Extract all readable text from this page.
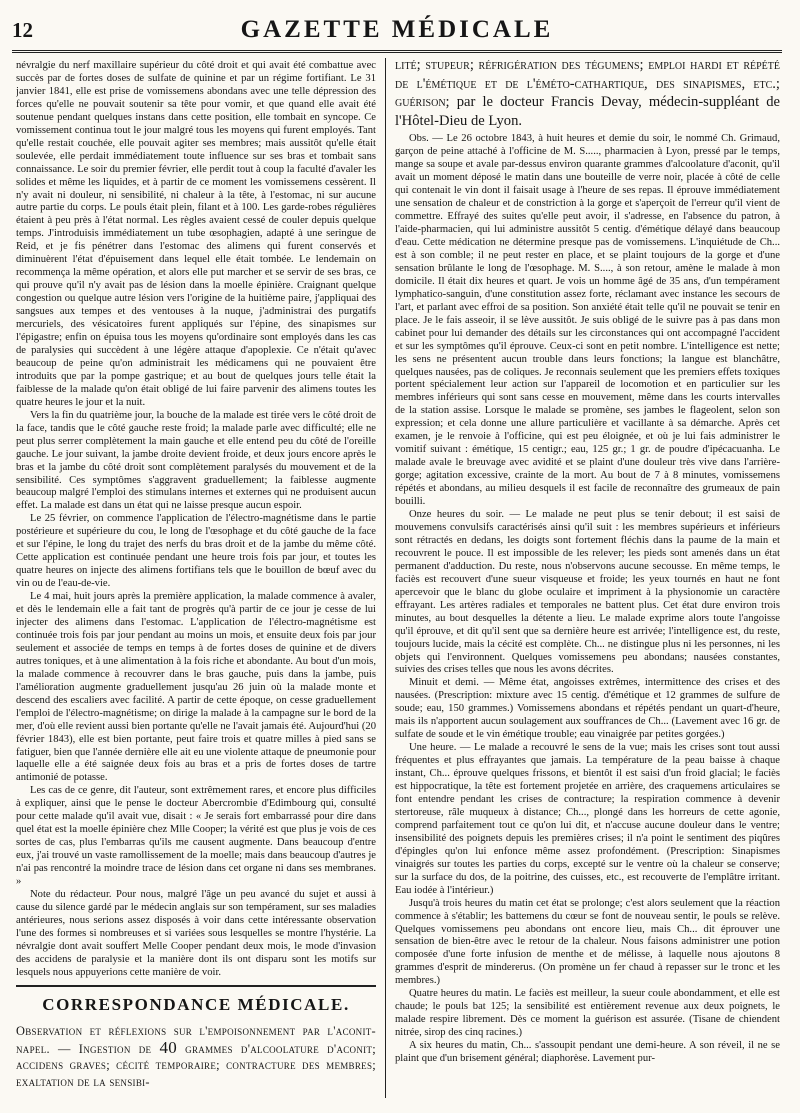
12	GAZETTE MÉDICALE

névralgie du nerf maxillaire supérieur du côté droit et qui avait été combattue avec succès par de fortes doses de sulfate de quinine et par un régime fortifiant. Le 31 janvier 1841, elle est prise de vomissemens abondans avec une telle dépression des forces qu'elle ne pouvait soutenir sa tête pour vomir, et que quand elle avait été soutenue pendant quelques instans dans cette position, elle tombait en syncope. Ce vomissement continua tout le jour malgré tous les moyens qui furent employés. Tant qu'elle restait couchée, elle pouvait agiter ses membres; mais aussitôt qu'elle était soulevée, elle perdait immédiatement toute influence sur ses bras et tombait sans connaissance. Le soir du premier février, elle perdit tout à coup la faculté d'avaler les solides et même les liquides, et à partir de ce moment les vomissemens cessèrent. Il n'y avait ni douleur, ni sensibilité, ni chaleur à la tête, à l'estomac, ni sur aucune autre partie du corps. Le pouls était plein, filant et à 100. Les garde-robes régulières étaient à peu près à l'état normal. Les règles avaient cessé de couler depuis quelque temps. J'introduisis immédiatement un tube œsophagien, adapté à une seringue de Reid, et je fis pénétrer dans l'estomac des alimens qui furent conservés et diminuèrent l'état d'épuisement dans lequel elle était tombée. Le lendemain on recommença la même opération, et alors elle put marcher et se servir de ses bras, ce qui prouve qu'il n'y avait pas de lésion dans la moelle épinière. Craignant quelque congestion ou quelque autre lésion vers l'origine de la huitième paire, j'appliquai des sangsues aux tempes et des ventouses à la nuque, j'administrai des purgatifs mercuriels, des vésicatoires furent appliqués sur l'épine, des sinapismes sur l'épigastre; enfin on épuisa tous les moyens qu'ordinaire sont employés dans les cas de paralysies qui succèdent à une légère attaque d'apoplexie. Ce n'était qu'avec beaucoup de peine qu'on administrait les médicamens qui ne pouvaient être introduits que par la pompe gastrique; et au bout de quelques jours telle était la faiblesse de la malade qu'on était obligé de lui faire parvenir des alimens toutes les quatre heures le jour et la nuit.

Vers la fin du quatrième jour, la bouche de la malade est tirée vers le côté droit de la face, tandis que le côté gauche reste froid; la malade parle avec difficulté; elle ne peut plus serrer complètement la main gauche et elle entend peu du côté de l'oreille gauche. Le jour suivant, la jambe droite devient froide, et deux jours encore après le bras et la jambe du côté droit sont complètement paralysés du mouvement et de la sensibilité. Ces symptômes s'aggravent graduellement; la faiblesse augmente beaucoup malgré l'emploi des stimulans internes et externes qui ne produisent aucun effet. La malade est dans un état qui ne laisse presque aucun espoir.

Le 25 février, on commence l'application de l'électro-magnétisme dans le partie postérieure et supérieure du cou, le long de l'œsophage et du côté gauche de la face et sur l'épine, le long du trajet des nerfs du bras droit et de la jambe du même côté. Cette application est continuée pendant une heure trois fois par jour, et toutes les quatre heures on injecte des alimens fortifians tels que le bouillon de bœuf avec du vin ou de l'eau-de-vie.

Le 4 mai, huit jours après la première application, la malade commence à avaler, et dès le lendemain elle a fait tant de progrès qu'à partir de ce jour je cesse de lui injecter des alimens dans l'estomac. L'application de l'électro-magnétisme est continuée trois fois par jour pendant au moins un mois, et ensuite deux fois par jour seulement et associée de temps en temps à de fortes doses de quinine et de divers autres toniques, et à une alimentation à la fois riche et abondante. Au bout d'un mois, la malade commence à recouvrer dans le bras gauche, puis dans la jambe, puis l'amélioration augmente graduellement jusqu'au 26 juin où la malade monte et descend des escaliers avec facilité. A partir de cette époque, on cesse graduellement l'emploi de l'électro-magnétisme; on dirige la malade à la campagne sur le bord de la mer, d'où elle revient aussi bien portante qu'elle ne l'avait jamais été. Aujourd'hui (20 février 1843), elle est bien portante, peut faire trois et quatre milles à pied sans se fatiguer, bien que l'année dernière elle ait eu une violente attaque de pneumonie pour laquelle elle a été saignée deux fois au bras et a pris de fortes doses de tartre antimonié de potasse.

Les cas de ce genre, dit l'auteur, sont extrêmement rares, et encore plus difficiles à expliquer, ainsi que le pense le docteur Abercrombie d'Edimbourg qui, consulté pour cette malade qu'il avait vue, disait : « Je serais fort embarrassé pour dire dans quel état est la moelle épinière chez Mlle Cooper; la vérité est que plus je vois de ces sortes de cas, plus l'embarras qu'ils me causent augmente. Dans beaucoup d'entre eux, j'ai trouvé un vaste ramollissement de la moelle; mais dans beaucoup d'autres je n'ai pas rencontré la moindre trace de lésion dans cet organe ni dans ses membranes. »

Note du rédacteur. Pour nous, malgré l'âge un peu avancé du sujet et aussi à cause du silence gardé par le médecin anglais sur son tempérament, sur ses maladies antérieures, nous serions assez disposés à voir dans cette intéressante observation l'une des formes si nombreuses et si variées sous lesquelles se montre l'hystérie. La névralgie dont avait souffert Melle Cooper pendant deux mois, le mode d'invasion des accidens de paralysie et la manière dont ils ont disparu sont les motifs sur lesquels nous appuyerions cette manière de voir.

CORRESPONDANCE MÉDICALE.
Observation et réflexions sur l'empoisonnement par l'aconit-napel. — Ingestion de 40 grammes d'alcoolature d'aconit; accidens graves; cécité temporaire; contracture des membres; exaltation de la sensibi-
lité; stupeur; réfrigération des tégumens; emploi hardi et répété de l'émétique et de l'éméto-cathartique, des sinapismes, etc.; guérison; par le docteur Francis Devay, médecin-suppléant de l'Hôtel-Dieu de Lyon.

Obs. — Le 26 octobre 1843, à huit heures et demie du soir, le nommé Ch. Grimaud, garçon de peine attaché à l'officine de M. S....., pharmacien à Lyon, pressé par le temps, mange sa soupe et avale par-dessus environ quarante grammes d'alcoolature d'aconit, qu'il avait un moment déposé le matin dans une bouteille de verre noir, placée à côté de celle qui contenait le vin dont il faisait usage à l'heure de ses repas. Il éprouve immédiatement une sensation de chaleur et de constriction à la gorge et s'aperçoit de l'erreur qu'il vient de commettre. Effrayé des suites qu'elle peut avoir, il s'adresse, en l'absence du patron, à l'aide-pharmacien, qui lui administre aussitôt 5 centig. d'émétique délayé dans beaucoup d'eau. Cette médication ne détermine presque pas de vomissemens. L'inquiétude de Ch... est à son comble; il ne peut rester en place, et se plaint toujours de la gorge et d'une sensation brûlante le long de l'œsophage. M. S...., à son retour, amène le malade à mon domicile. Il était dix heures et quart. Je vois un homme âgé de 35 ans, d'un tempérament lymphatico-sanguin, d'une constitution assez forte, réclamant avec instance les secours de l'art, et parlant avec effroi de sa position. Son anxiété était telle qu'il ne pouvait se tenir en place. Je le fais asseoir, il se lève aussitôt. Je suis obligé de le suivre pas à pas dans mon cabinet pour lui demander des détails sur les circonstances qui ont accompagné l'accident et sur les symptômes qu'il éprouve. Ceux-ci sont en petit nombre. L'intelligence est nette; les sens ne présentent aucun trouble dans leurs fonctions; la langue est blanchâtre, quelques nausées, pas de coliques. Je reconnais seulement que les premiers effets toxiques portent spécialement leur action sur l'appareil de locomotion et en particulier sur les membres inférieurs qui sont sans cesse en mouvement, même dans les courts intervalles de la station assise. Lorsque le malade se promène, ses jambes le flageolent, selon son expression; et cela donne une allure particulière et vacillante à sa démarche. Après cet examen, je le renvoie à l'officine, qui est peu éloignée, et où je lui fais administrer le vomitif suivant : émétique, 15 centigr.; eau, 125 gr.; 1 gr. de poudre d'ipécacuanha. Le malade avale le breuvage avec avidité et se plaint d'une douleur très vive dans l'arrière-gorge; agitation excessive, crainte de la mort. Au bout de 7 à 8 minutes, vomissemens répétés et abondans, au milieu desquels il est facile de reconnaître des grumeaux de pain bouilli.

Onze heures du soir. — Le malade ne peut plus se tenir debout; il est saisi de mouvemens convulsifs caractérisés ainsi qu'il suit : les membres supérieurs et inférieurs sont rétractés en dedans, les doigts sont fortement fléchis dans la paume de la main et recouvrent le pouce. Il est impossible de les relever; les pieds sont amenés dans un état permanent d'adduction. Du reste, nous n'observons aucune secousse. En même temps, le faciès est recouvert d'une sueur visqueuse et froide; les yeux tournés en haut ne font apercevoir que le blanc du globe oculaire et impriment à la physionomie un caractère effrayant. Les artères radiales et temporales ne battent plus. Cet état dure environ trois minutes, au bout desquelles la détente a lieu. Le malade exprime alors toute l'angoisse qu'il éprouve, et dit qu'il sent que sa dernière heure est arrivée; l'intelligence est, du reste, toujours lucide, mais la cécité est complète. Ch... ne distingue plus ni les personnes, ni les objets qui l'environnent. Quelques vomissemens peu abondans; nausées constantes, suivies des crises telles que nous les avons décrites.

Minuit et demi. — Même état, angoisses extrêmes, intermittence des crises et des nausées. (Prescription: mixture avec 15 centig. d'émétique et 12 grammes de sulfure de soude; eau, 150 grammes.) Vomissemens abondans et répétés pendant un quart-d'heure, mais ils n'apportent aucun soulagement aux souffrances de Ch... (Lavement avec 16 gr. de sulfate de soude et le vin émétique trouble; eau vinaigrée par petites gorgées.)

Une heure. — Le malade a recouvré le sens de la vue; mais les crises sont tout aussi fréquentes et plus effrayantes que jamais. La température de la peau baisse à chaque instant, Ch... éprouve quelques frissons, et bientôt il est saisi d'un froid glacial; le faciès est hippocratique, la tête est fortement projetée en arrière, des craquemens articulaires se font entendre pendant les crises de contracture; la respiration commence à devenir stertoreuse, râle muqueux à distance; Ch..., plongé dans les horreurs de cette agonie, comprend parfaitement tout ce qu'on lui dit, et n'accuse aucune douleur dans le ventre; insensibilité des poignets depuis les premières crises; il n'a point le sentiment des piqûres d'épingles qu'on lui enfonce même assez profondément. (Prescription: Sinapismes vinaigrés sur toutes les parties du corps, excepté sur le ventre où la chaleur se conserve; sur la surface du dos, de la poitrine, des cuisses, etc., est recouverte de l'emplâtre irritant. Eau iodée à l'intérieur.)

Jusqu'à trois heures du matin cet état se prolonge; c'est alors seulement que la réaction commence à s'établir; les battemens du cœur se font de nouveau sentir, le pouls se relève. Quelques vomissemens peu abondans ont encore lieu, mais Ch... dit éprouver une sensation de bien-être avec le retour de la chaleur. Nous faisons administrer une potion composée d'une forte infusion de menthe et de mélisse, à laquelle nous ajoutons 8 grammes d'esprit de mindererus. (On promène un fer chaud à repasser sur le tronc et les membres.)

Quatre heures du matin. Le faciès est meilleur, la sueur coule abondamment, et elle est chaude; le pouls bat 125; la sensibilité est entièrement revenue aux deux poignets, le malade respire librement. Dès ce moment la guérison est assurée. (Tisane de chiendent nitrée, sirop des cinq racines.)

A six heures du matin, Ch... s'assoupit pendant une demi-heure. A son réveil, il ne se plaint que d'un brisement général; diaphorèse. Lavement pur-
